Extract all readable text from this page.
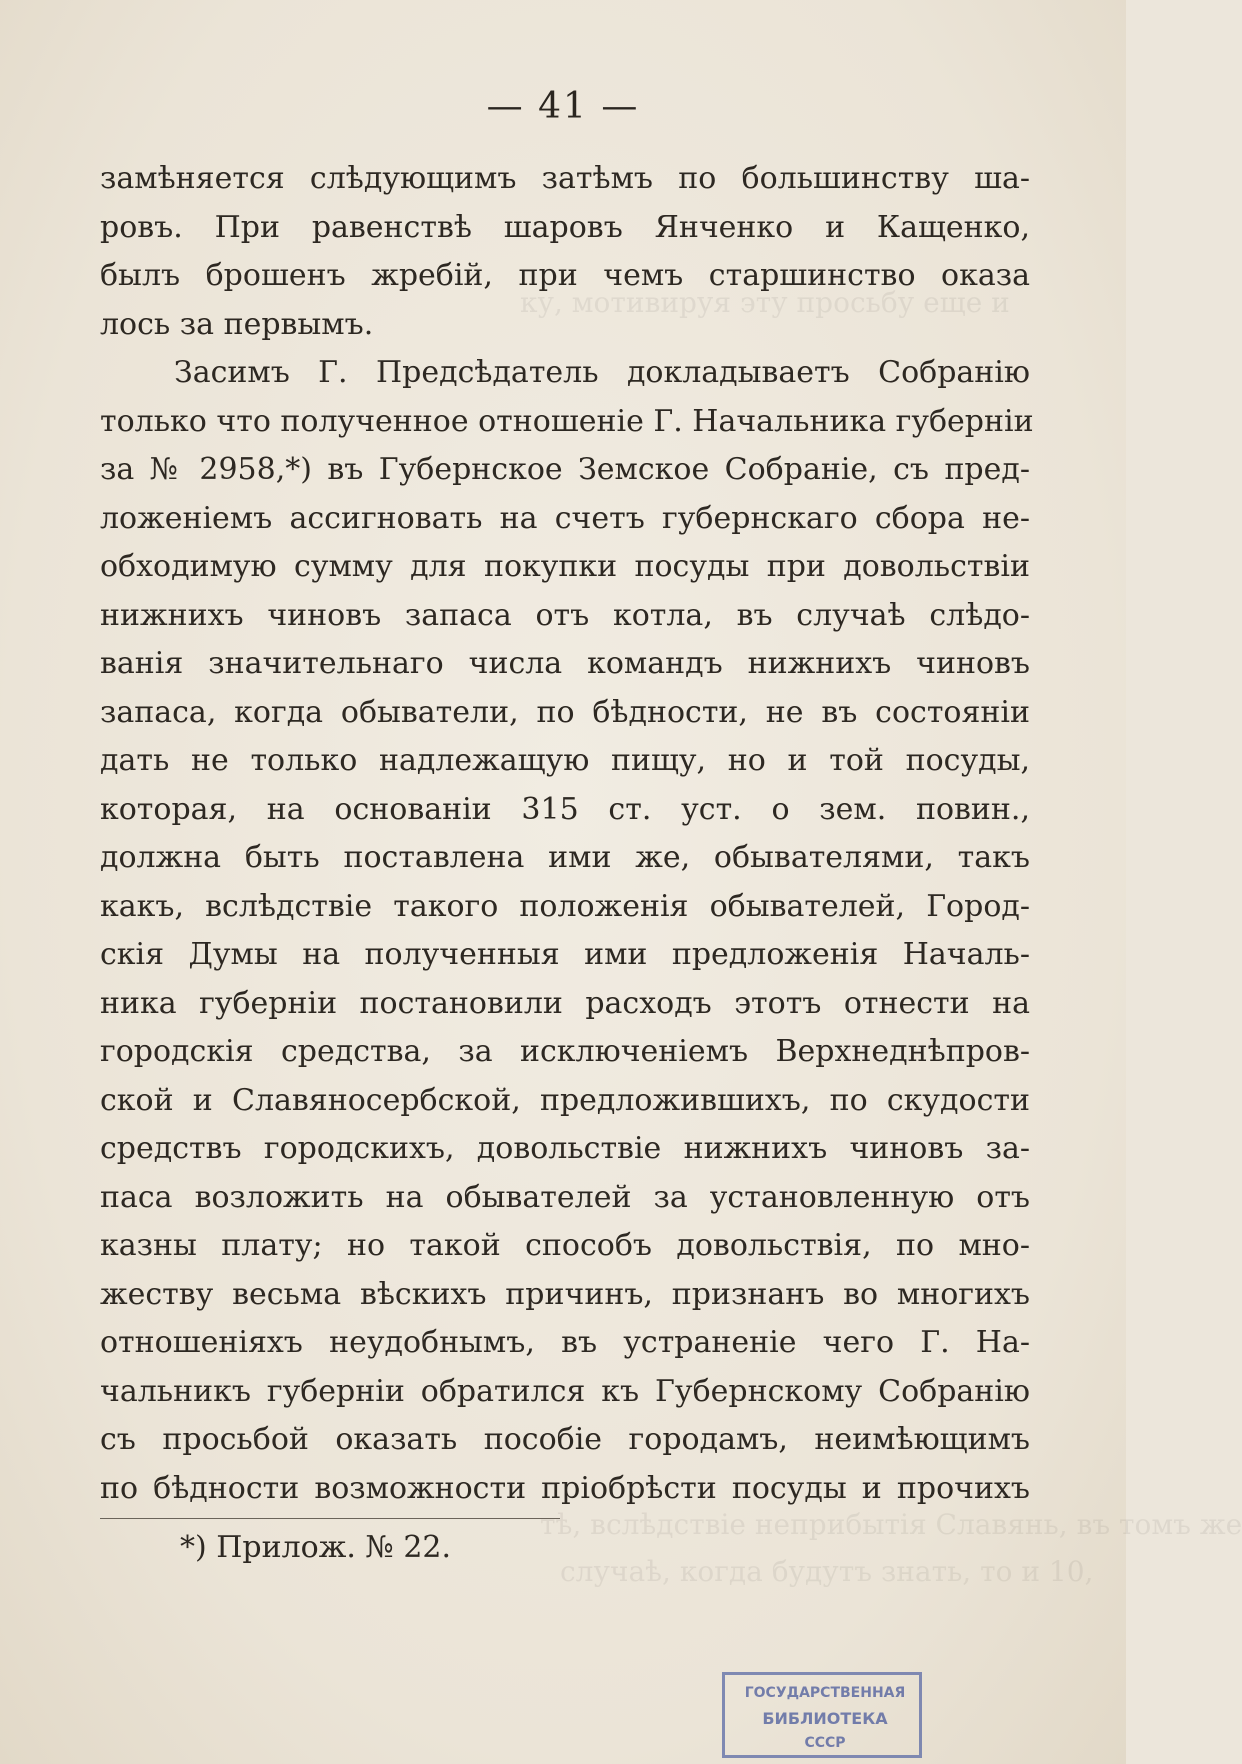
ку, мотивируя эту просьбу еще и
тѣ, вслѣдствіе неприбытія Славянь, въ томъ же
случаѣ, когда будутъ знать, то и 10,
— 41 —
замѣняется слѣдующимъ затѣмъ по большинству ша-
ровъ. При равенствѣ шаровъ Янченко и Кащенко,
былъ брошенъ жребій, при чемъ старшинство оказа
лось за первымъ.
Засимъ Г. Предсѣдатель докладываетъ Собранію
только что полученное отношеніе Г. Начальника губерніи
за № 2958,*) въ Губернское Земское Собраніе, съ пред-
ложеніемъ ассигновать на счетъ губернскаго сбора не-
обходимую сумму для покупки посуды при довольствіи
нижнихъ чиновъ запаса отъ котла, въ случаѣ слѣдо-
ванія значительнаго числа командъ нижнихъ чиновъ
запаса, когда обыватели, по бѣдности, не въ состояніи
дать не только надлежащую пищу, но и той посуды,
которая, на основаніи 315 ст. уст. о зем. повин.,
должна быть поставлена ими же, обывателями, такъ
какъ, вслѣдствіе такого положенія обывателей, Город-
скія Думы на полученныя ими предложенія Началь-
ника губерніи постановили расходъ этотъ отнести на
городскія средства, за исключеніемъ Верхнеднѣпров-
ской и Славяносербской, предложившихъ, по скудости
средствъ городскихъ, довольствіе нижнихъ чиновъ за-
паса возложить на обывателей за установленную отъ
казны плату; но такой способъ довольствія, по мно-
жеству весьма вѣскихъ причинъ, признанъ во многихъ
отношеніяхъ неудобнымъ, въ устраненіе чего Г. На-
чальникъ губерніи обратился къ Губернскому Собранію
съ просьбой оказать пособіе городамъ, неимѣющимъ
по бѣдности возможности пріобрѣсти посуды и прочихъ
*) Прилож. № 22.
ГОСУДАРСТВЕННАЯ
БИБЛИОТЕКА
СССР
